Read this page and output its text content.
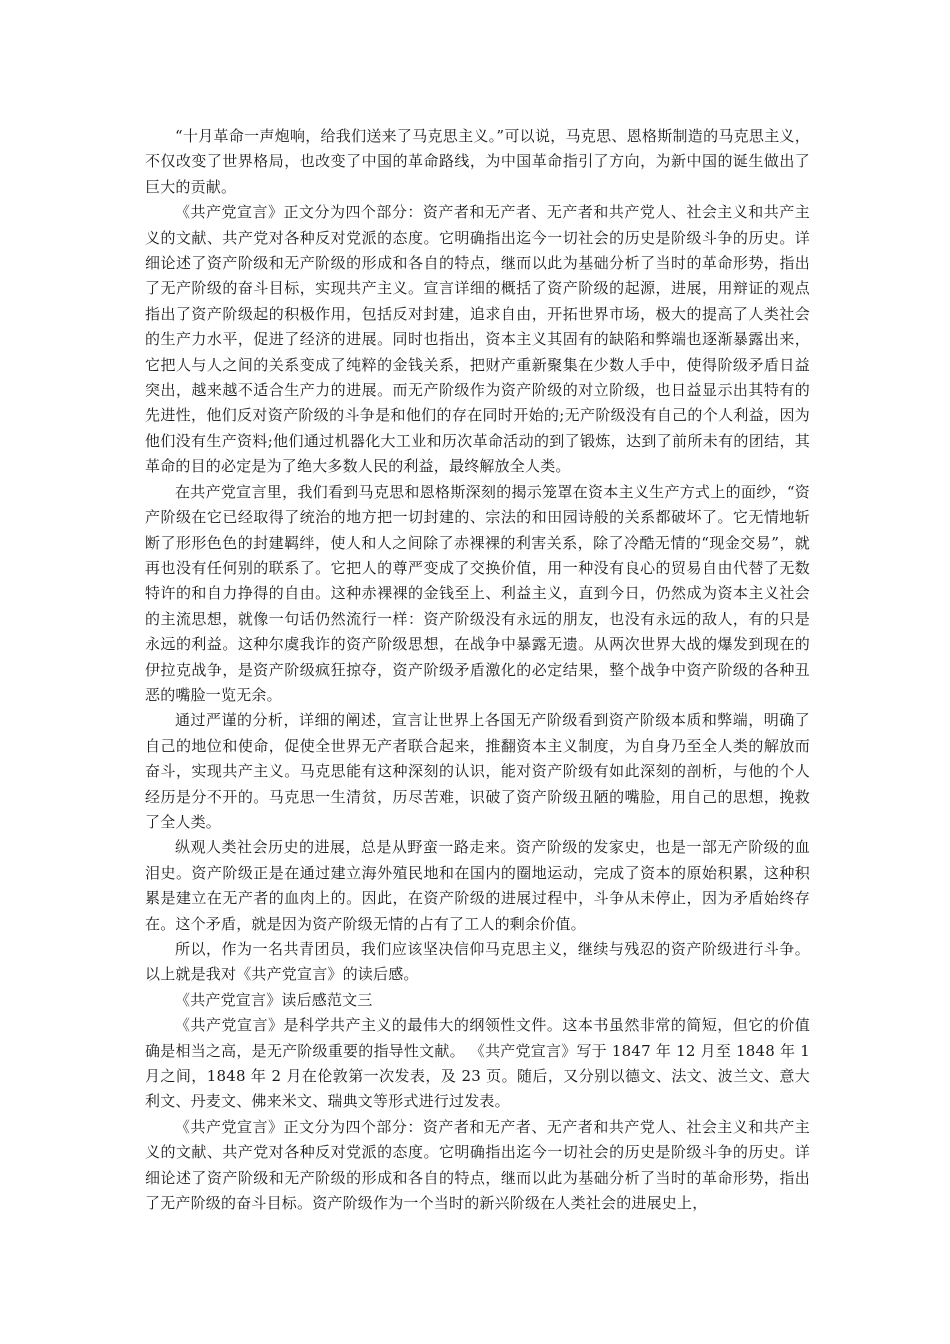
“十月革命一声炮响，给我们送来了马克思主义。”可以说，马克思、恩格斯制造的马克思主义，不仅改变了世界格局，也改变了中国的革命路线，为中国革命指引了方向，为新中国的诞生做出了巨大的贡献。

《共产党宣言》正文分为四个部分：资产者和无产者、无产者和共产党人、社会主义和共产主义的文献、共产党对各种反对党派的态度。它明确指出迄今一切社会的历史是阶级斗争的历史。详细论述了资产阶级和无产阶级的形成和各自的特点，继而以此为基础分析了当时的革命形势，指出了无产阶级的奋斗目标，实现共产主义。宣言详细的概括了资产阶级的起源，进展，用辩证的观点指出了资产阶级起的积极作用，包括反对封建，追求自由，开拓世界市场，极大的提高了人类社会的生产力水平，促进了经济的进展。同时也指出，资本主义其固有的缺陷和弊端也逐渐暴露出来，它把人与人之间的关系变成了纯粹的金钱关系，把财产重新聚集在少数人手中，使得阶级矛盾日益突出，越来越不适合生产力的进展。而无产阶级作为资产阶级的对立阶级，也日益显示出其特有的先进性，他们反对资产阶级的斗争是和他们的存在同时开始的;无产阶级没有自己的个人利益，因为他们没有生产资料;他们通过机器化大工业和历次革命活动的到了锻炼，达到了前所未有的团结，其革命的目的必定是为了绝大多数人民的利益，最终解放全人类。

在共产党宣言里，我们看到马克思和恩格斯深刻的揭示笼罩在资本主义生产方式上的面纱，“资产阶级在它已经取得了统治的地方把一切封建的、宗法的和田园诗般的关系都破坏了。它无情地斩断了形形色色的封建羁绊，使人和人之间除了赤裸裸的利害关系，除了冷酷无情的“现金交易”，就再也没有任何别的联系了。它把人的尊严变成了交换价值，用一种没有良心的贸易自由代替了无数特许的和自力挣得的自由。这种赤裸裸的金钱至上、利益主义，直到今日，仍然成为资本主义社会的主流思想，就像一句话仍然流行一样：资产阶级没有永远的朋友，也没有永远的敌人，有的只是永远的利益。这种尔虞我诈的资产阶级思想，在战争中暴露无遗。从两次世界大战的爆发到现在的伊拉克战争，是资产阶级疯狂掠夺，资产阶级矛盾激化的必定结果，整个战争中资产阶级的各种丑恶的嘴脸一览无余。

通过严谨的分析，详细的阐述，宣言让世界上各国无产阶级看到资产阶级本质和弊端，明确了自己的地位和使命，促使全世界无产者联合起来，推翻资本主义制度，为自身乃至全人类的解放而奋斗，实现共产主义。马克思能有这种深刻的认识，能对资产阶级有如此深刻的剖析，与他的个人经历是分不开的。马克思一生清贫，历尽苦难，识破了资产阶级丑陋的嘴脸，用自己的思想，挽救了全人类。

纵观人类社会历史的进展，总是从野蛮一路走来。资产阶级的发家史，也是一部无产阶级的血泪史。资产阶级正是在通过建立海外殖民地和在国内的圈地运动，完成了资本的原始积累，这种积累是建立在无产者的血肉上的。因此，在资产阶级的进展过程中，斗争从未停止，因为矛盾始终存在。这个矛盾，就是因为资产阶级无情的占有了工人的剩余价值。

所以，作为一名共青团员，我们应该坚决信仰马克思主义，继续与残忍的资产阶级进行斗争。以上就是我对《共产党宣言》的读后感。

《共产党宣言》读后感范文三

《共产党宣言》是科学共产主义的最伟大的纲领性文件。这本书虽然非常的简短，但它的价值确是相当之高，是无产阶级重要的指导性文献。 《共产党宣言》写于 1847 年 12 月至 1848 年 1 月之间，1848 年 2 月在伦敦第一次发表，及 23 页。随后，又分别以德文、法文、波兰文、意大利文、丹麦文、佛来米文、瑞典文等形式进行过发表。

《共产党宣言》正文分为四个部分：资产者和无产者、无产者和共产党人、社会主义和共产主义的文献、共产党对各种反对党派的态度。它明确指出迄今一切社会的历史是阶级斗争的历史。详细论述了资产阶级和无产阶级的形成和各自的特点，继而以此为基础分析了当时的革命形势，指出了无产阶级的奋斗目标。资产阶级作为一个当时的新兴阶级在人类社会的进展史上，
